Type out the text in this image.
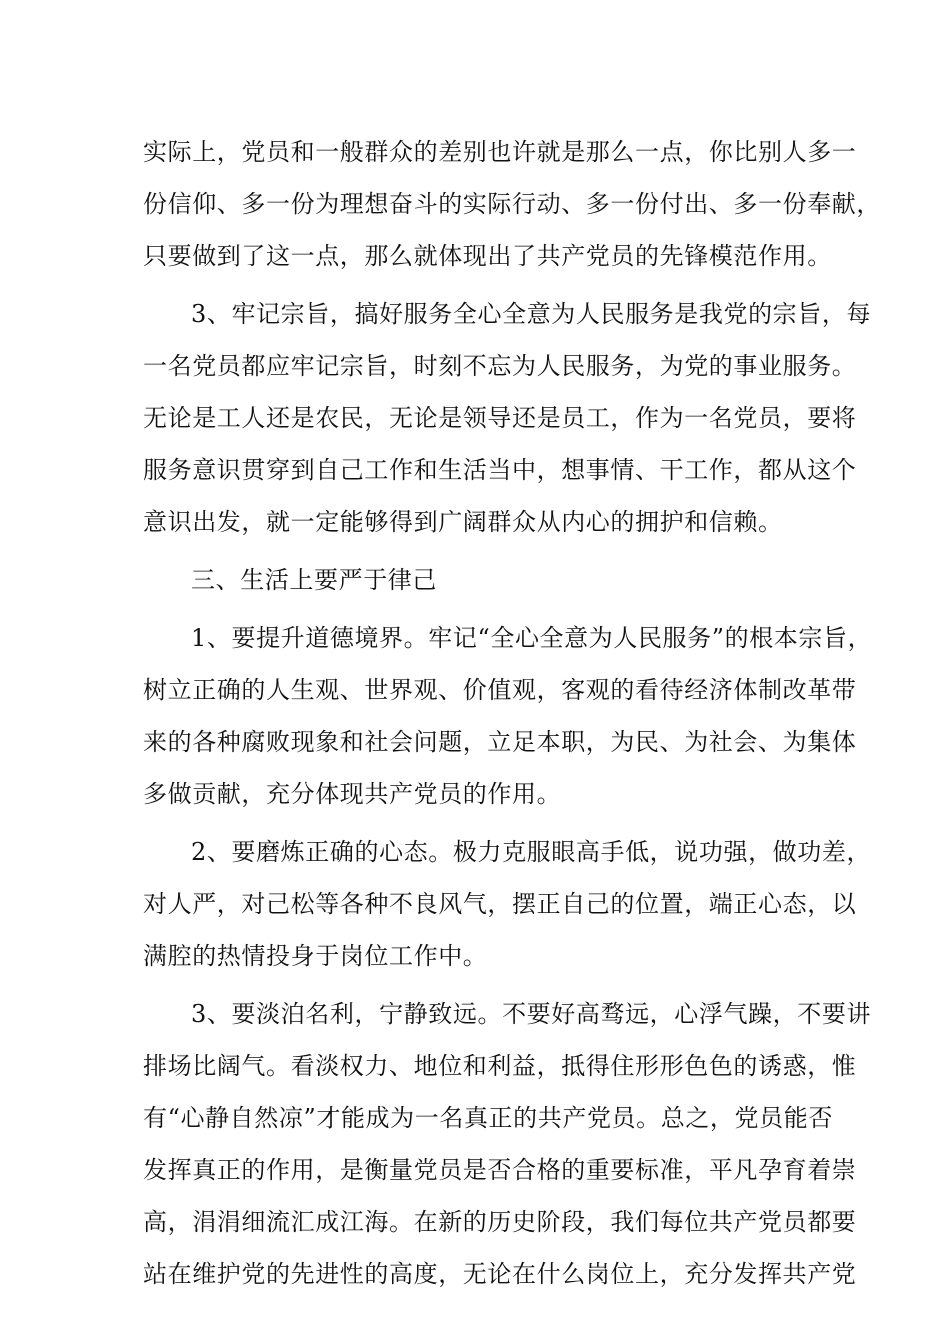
实际上，党员和一般群众的差别也许就是那么一点，你比别人多一
份信仰、多一份为理想奋斗的实际行动、多一份付出、多一份奉献，
只要做到了这一点，那么就体现出了共产党员的先锋模范作用。
3、牢记宗旨，搞好服务全心全意为人民服务是我党的宗旨，每
一名党员都应牢记宗旨，时刻不忘为人民服务，为党的事业服务。
无论是工人还是农民，无论是领导还是员工，作为一名党员，要将
服务意识贯穿到自己工作和生活当中，想事情、干工作，都从这个
意识出发，就一定能够得到广阔群众从内心的拥护和信赖。
三、生活上要严于律己
1、要提升道德境界。牢记“全心全意为人民服务”的根本宗旨，
树立正确的人生观、世界观、价值观，客观的看待经济体制改革带
来的各种腐败现象和社会问题，立足本职，为民、为社会、为集体
多做贡献，充分体现共产党员的作用。
2、要磨炼正确的心态。极力克服眼高手低，说功强，做功差，
对人严，对己松等各种不良风气，摆正自己的位置，端正心态，以
满腔的热情投身于岗位工作中。
3、要淡泊名利，宁静致远。不要好高骛远，心浮气躁，不要讲
排场比阔气。看淡权力、地位和利益，抵得住形形色色的诱惑，惟
有“心静自然凉”才能成为一名真正的共产党员。总之，党员能否
发挥真正的作用，是衡量党员是否合格的重要标准，平凡孕育着崇
高，涓涓细流汇成江海。在新的历史阶段，我们每位共产党员都要
站在维护党的先进性的高度，无论在什么岗位上，充分发挥共产党
